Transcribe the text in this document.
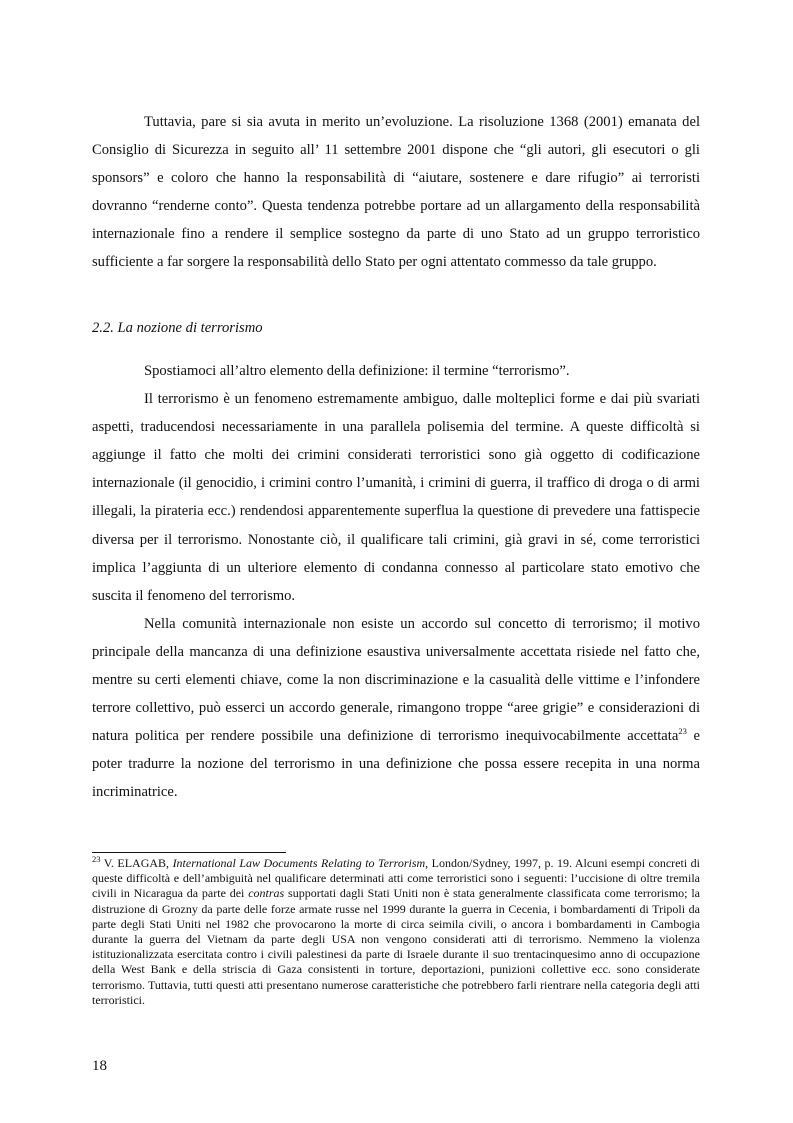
Tuttavia, pare si sia avuta in merito un’evoluzione. La risoluzione 1368 (2001) emanata del Consiglio di Sicurezza in seguito all’ 11 settembre 2001 dispone che “gli autori, gli esecutori o gli sponsors” e coloro che hanno la responsabilità di “aiutare, sostenere e dare rifugio” ai terroristi dovranno “renderne conto”. Questa tendenza potrebbe portare ad un allargamento della responsabilità internazionale fino a rendere il semplice sostegno da parte di uno Stato ad un gruppo terroristico sufficiente a far sorgere la responsabilità dello Stato per ogni attentato commesso da tale gruppo.

2.2. La nozione di terrorismo

Spostiamoci all’altro elemento della definizione: il termine “terrorismo”.

Il terrorismo è un fenomeno estremamente ambiguo, dalle molteplici forme e dai più svariati aspetti, traducendosi necessariamente in una parallela polisemia del termine. A queste difficoltà si aggiunge il fatto che molti dei crimini considerati terroristici sono già oggetto di codificazione internazionale (il genocidio, i crimini contro l’umanità, i crimini di guerra, il traffico di droga o di armi illegali, la pirateria ecc.) rendendosi apparentemente superflua la questione di prevedere una fattispecie diversa per il terrorismo. Nonostante ciò, il qualificare tali crimini, già gravi in sé, come terroristici implica l’aggiunta di un ulteriore elemento di condanna connesso al particolare stato emotivo che suscita il fenomeno del terrorismo.

Nella comunità internazionale non esiste un accordo sul concetto di terrorismo; il motivo principale della mancanza di una definizione esaustiva universalmente accettata risiede nel fatto che, mentre su certi elementi chiave, come la non discriminazione e la casualità delle vittime e l’infondere terrore collettivo, può esserci un accordo generale, rimangono troppe “aree grigie” e considerazioni di natura politica per rendere possibile una definizione di terrorismo inequivocabilmente accettata$^{23}$ e poter tradurre la nozione del terrorismo in una definizione che possa essere recepita in una norma incriminatrice.

$^{23}$ V. ELAGAB, International Law Documents Relating to Terrorism, London/Sydney, 1997, p. 19. Alcuni esempi concreti di queste difficoltà e dell’ambiguità nel qualificare determinati atti come terroristici sono i seguenti: l’uccisione di oltre tremila civili in Nicaragua da parte dei contras supportati dagli Stati Uniti non è stata generalmente classificata come terrorismo; la distruzione di Grozny da parte delle forze armate russe nel 1999 durante la guerra in Cecenia, i bombardamenti di Tripoli da parte degli Stati Uniti nel 1982 che provocarono la morte di circa seimila civili, o ancora i bombardamenti in Cambogia durante la guerra del Vietnam da parte degli USA non vengono considerati atti di terrorismo. Nemmeno la violenza istituzionalizzata esercitata contro i civili palestinesi da parte di Israele durante il suo trentacinquesimo anno di occupazione della West Bank e della striscia di Gaza consistenti in torture, deportazioni, punizioni collettive ecc. sono considerate terrorismo. Tuttavia, tutti questi atti presentano numerose caratteristiche che potrebbero farli rientrare nella categoria degli atti terroristici.

18
